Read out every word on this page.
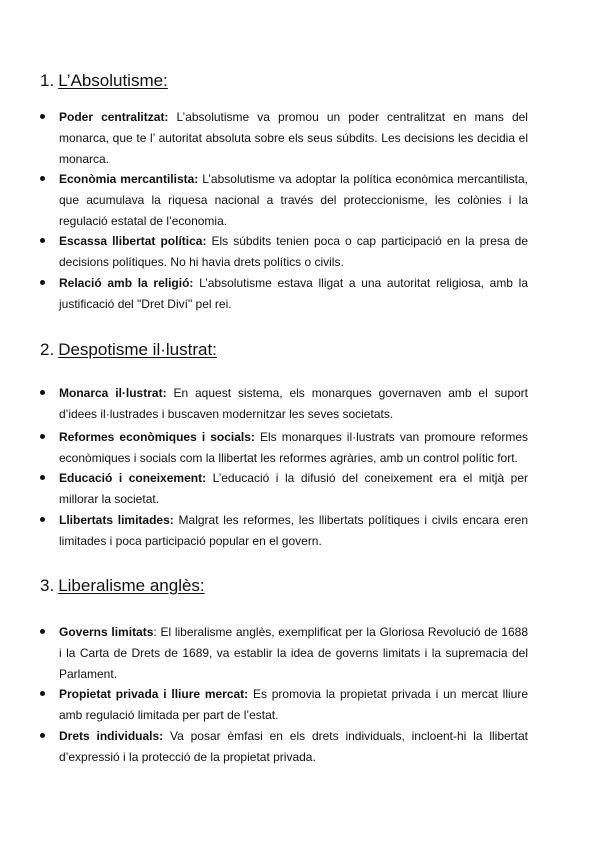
1. L’Absolutisme:

Poder centralitzat: L’absolutisme va promou un poder centralitzat en mans del monarca, que te l’ autoritat absoluta sobre els seus súbdits. Les decisions les decidia el monarca.

Econòmia mercantilista: L’absolutisme va adoptar la política econòmica mercantilista, que acumulava la riquesa nacional a través del proteccionisme, les colònies i la regulació estatal de l’economia.

Escassa llibertat política: Els súbdits tenien poca o cap participació en la presa de decisions polítiques. No hi havia drets polítics o civils.

Relació amb la religió: L’absolutisme estava lligat a una autoritat religiosa, amb la justificació del "Dret Diví" pel rei.

2. Despotisme il·lustrat:

Monarca il·lustrat: En aquest sistema, els monarques governaven amb el suport d’idees il·lustrades i buscaven modernitzar les seves societats.

Reformes econòmiques i socials: Els monarques il·lustrats van promoure reformes econòmiques i socials com la llibertat les reformes agràries, amb un control polític fort.

Educació i coneixement: L’educació i la difusió del coneixement era el mitjà per millorar la societat.

Llibertats limitades: Malgrat les reformes, les llibertats polítiques i civils encara eren limitades i poca participació popular en el govern.

3. Liberalisme anglès:

Governs limitats: El liberalisme anglès, exemplificat per la Gloriosa Revolució de 1688 i la Carta de Drets de 1689, va establir la idea de governs limitats i la supremacia del Parlament.

Propietat privada i lliure mercat: Es promovia la propietat privada i un mercat lliure amb regulació limitada per part de l’estat.

Drets individuals: Va posar èmfasi en els drets individuals, incloent-hi la llibertat d’expressió i la protecció de la propietat privada.
